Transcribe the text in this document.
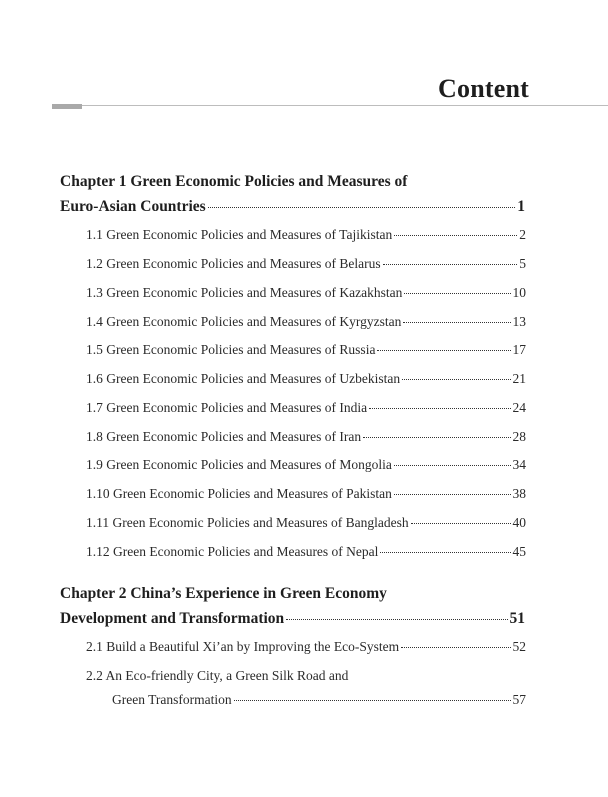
Content
Chapter 1 Green Economic Policies and Measures of
Euro-Asian Countries	1
1.1 Green Economic Policies and Measures of Tajikistan	2
1.2 Green Economic Policies and Measures of Belarus	5
1.3 Green Economic Policies and Measures of Kazakhstan	10
1.4 Green Economic Policies and Measures of Kyrgyzstan	13
1.5 Green Economic Policies and Measures of Russia	17
1.6 Green Economic Policies and Measures of Uzbekistan	21
1.7 Green Economic Policies and Measures of India	24
1.8 Green Economic Policies and Measures of Iran	28
1.9 Green Economic Policies and Measures of Mongolia	34
1.10 Green Economic Policies and Measures of Pakistan	38
1.11 Green Economic Policies and Measures of Bangladesh	40
1.12 Green Economic Policies and Measures of Nepal	45
Chapter 2 China’s Experience in Green Economy
Development and Transformation	51
2.1 Build a Beautiful Xi’an by Improving the Eco-System	52
2.2 An Eco-friendly City, a Green Silk Road and
Green Transformation	57
